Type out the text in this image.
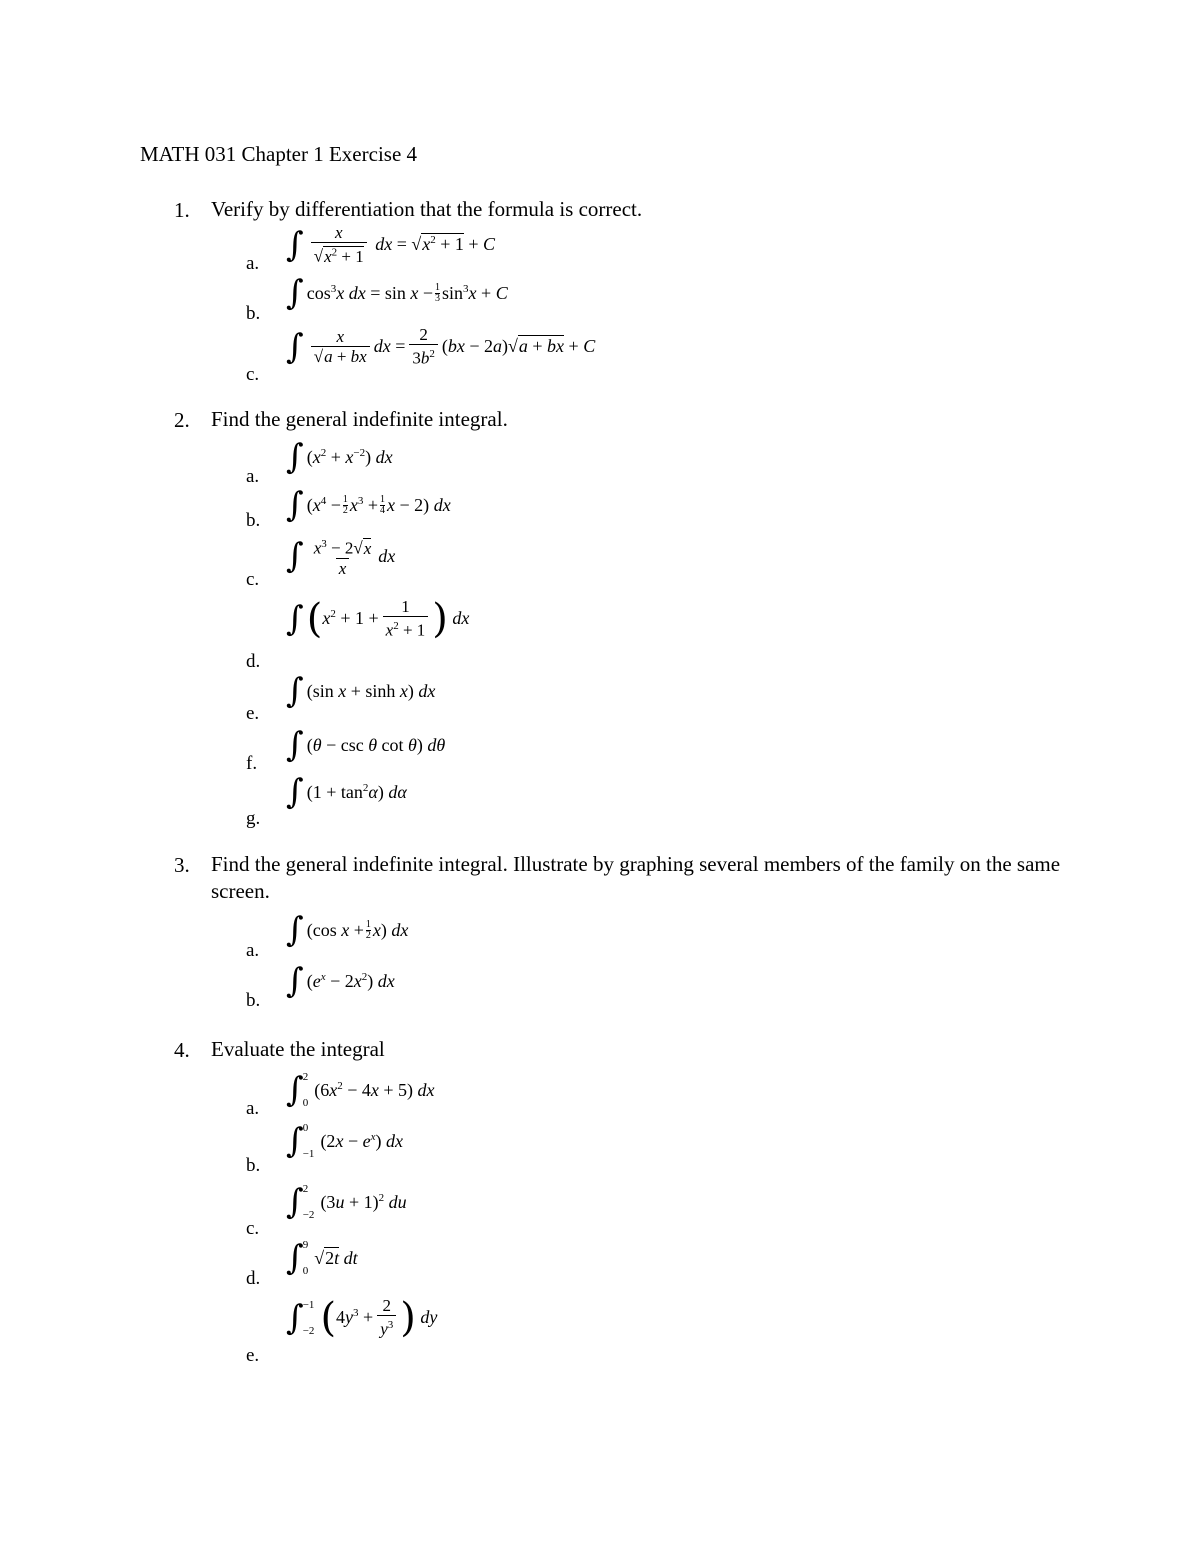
MATH 031 Chapter 1 Exercise 4
1. Verify by differentiation that the formula is correct.
a.
b.
c.
∫ x
$√x^2 + 1$
dx = $√x^2 + 1 + C$
∫ $\cos^3x$ dx = $\sin x - \frac{1}{3} \sin^3x + C$
∫ x
√a + bx dx = $\frac{2}{3b^2} (bx - 2a)√a$ + bx + C
2. Find the general indefinite integral.
a.
b.
c.
d.
e.
f.
g.
∫ $(x^2 + x^{-2})$ dx
∫ ($x^4 - \frac{1}{2} x^3 + \frac{1}{4}$ x − 2) dx
∫ $x^3 - 2√x$
x
dx
∫ ( $x^2 + 1 + \frac{1}{x^2 + 1}$ ) dx
∫ (sin x + sinh x) dx
∫ (θ − csc θ cot θ) dθ
∫ $(1 + \tan^2\alpha)$ dα
3. Find the general indefinite integral. Illustrate by graphing several members of the family on the same screen.
a.
b.
∫ (cos $x + \frac{1}{2} x$) dx
∫ $(e^x - 2x^2)$ dx
4. Evaluate the integral
a.
b.
c.
d.
e.
∫ 2
0
$(6x^2 - 4x + 5)$ dx
∫ 0
−1
$(2x - e^x)$ dx
∫ 2
−2
$(3u + 1)^2$ du
∫ 9
0
√2t dt
∫ −1
−2 ( $4y^3 + \frac{2}{y^3}$ ) dy
